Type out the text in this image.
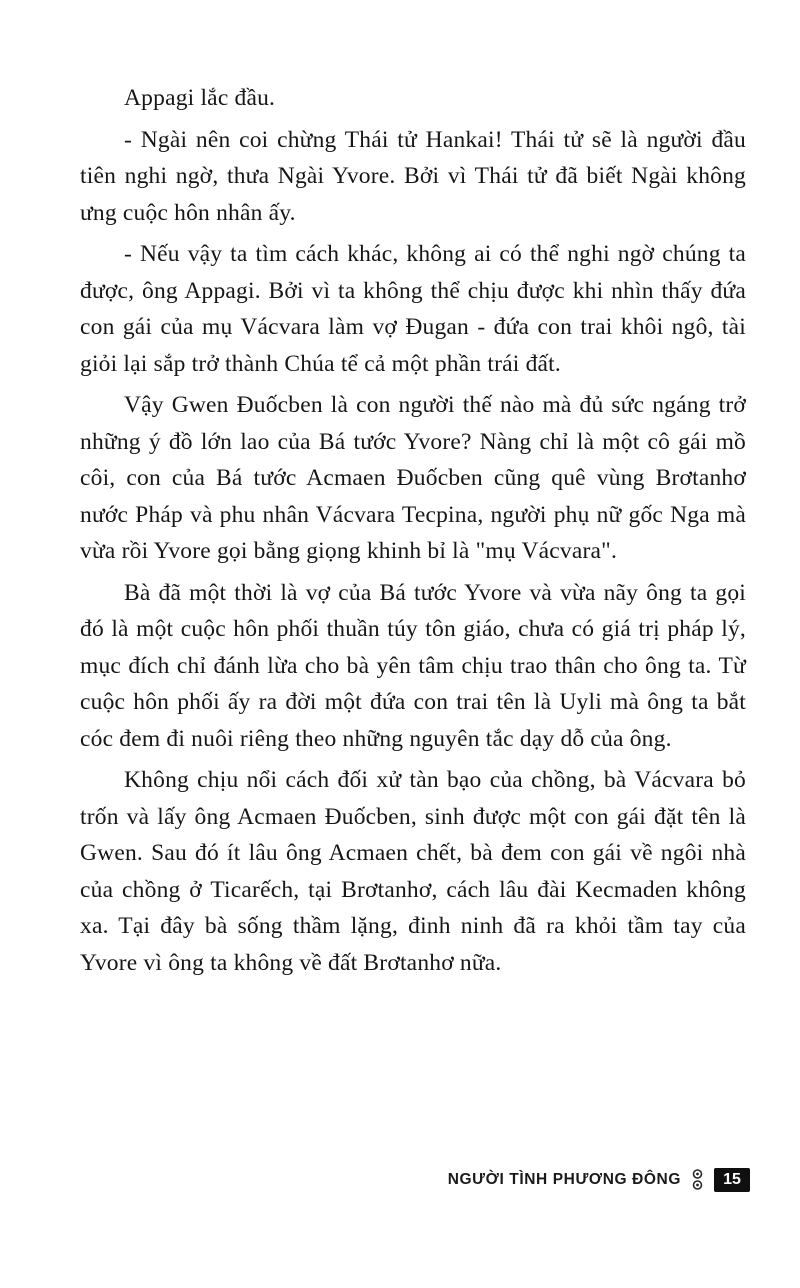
Appagi lắc đầu.

- Ngài nên coi chừng Thái tử Hankai! Thái tử sẽ là người đầu tiên nghi ngờ, thưa Ngài Yvore. Bởi vì Thái tử đã biết Ngài không ưng cuộc hôn nhân ấy.

- Nếu vậy ta tìm cách khác, không ai có thể nghi ngờ chúng ta được, ông Appagi. Bởi vì ta không thể chịu được khi nhìn thấy đứa con gái của mụ Vácvara làm vợ Đugan - đứa con trai khôi ngô, tài giỏi lại sắp trở thành Chúa tể cả một phần trái đất.

Vậy Gwen Đuốcben là con người thế nào mà đủ sức ngáng trở những ý đồ lớn lao của Bá tước Yvore? Nàng chỉ là một cô gái mồ côi, con của Bá tước Acmaen Đuốcben cũng quê vùng Brơtanhơ nước Pháp và phu nhân Vácvara Tecpina, người phụ nữ gốc Nga mà vừa rồi Yvore gọi bằng giọng khinh bỉ là "mụ Vácvara".

Bà đã một thời là vợ của Bá tước Yvore và vừa nãy ông ta gọi đó là một cuộc hôn phối thuần túy tôn giáo, chưa có giá trị pháp lý, mục đích chỉ đánh lừa cho bà yên tâm chịu trao thân cho ông ta. Từ cuộc hôn phối ấy ra đời một đứa con trai tên là Uyli mà ông ta bắt cóc đem đi nuôi riêng theo những nguyên tắc dạy dỗ của ông.

Không chịu nổi cách đối xử tàn bạo của chồng, bà Vácvara bỏ trốn và lấy ông Acmaen Đuốcben, sinh được một con gái đặt tên là Gwen. Sau đó ít lâu ông Acmaen chết, bà đem con gái về ngôi nhà của chồng ở Ticarếch, tại Brơtanhơ, cách lâu đài Kecmaden không xa. Tại đây bà sống thầm lặng, đinh ninh đã ra khỏi tầm tay của Yvore vì ông ta không về đất Brơtanhơ nữa.

NGƯỜI TÌNH PHƯƠNG ĐÔNG	15
